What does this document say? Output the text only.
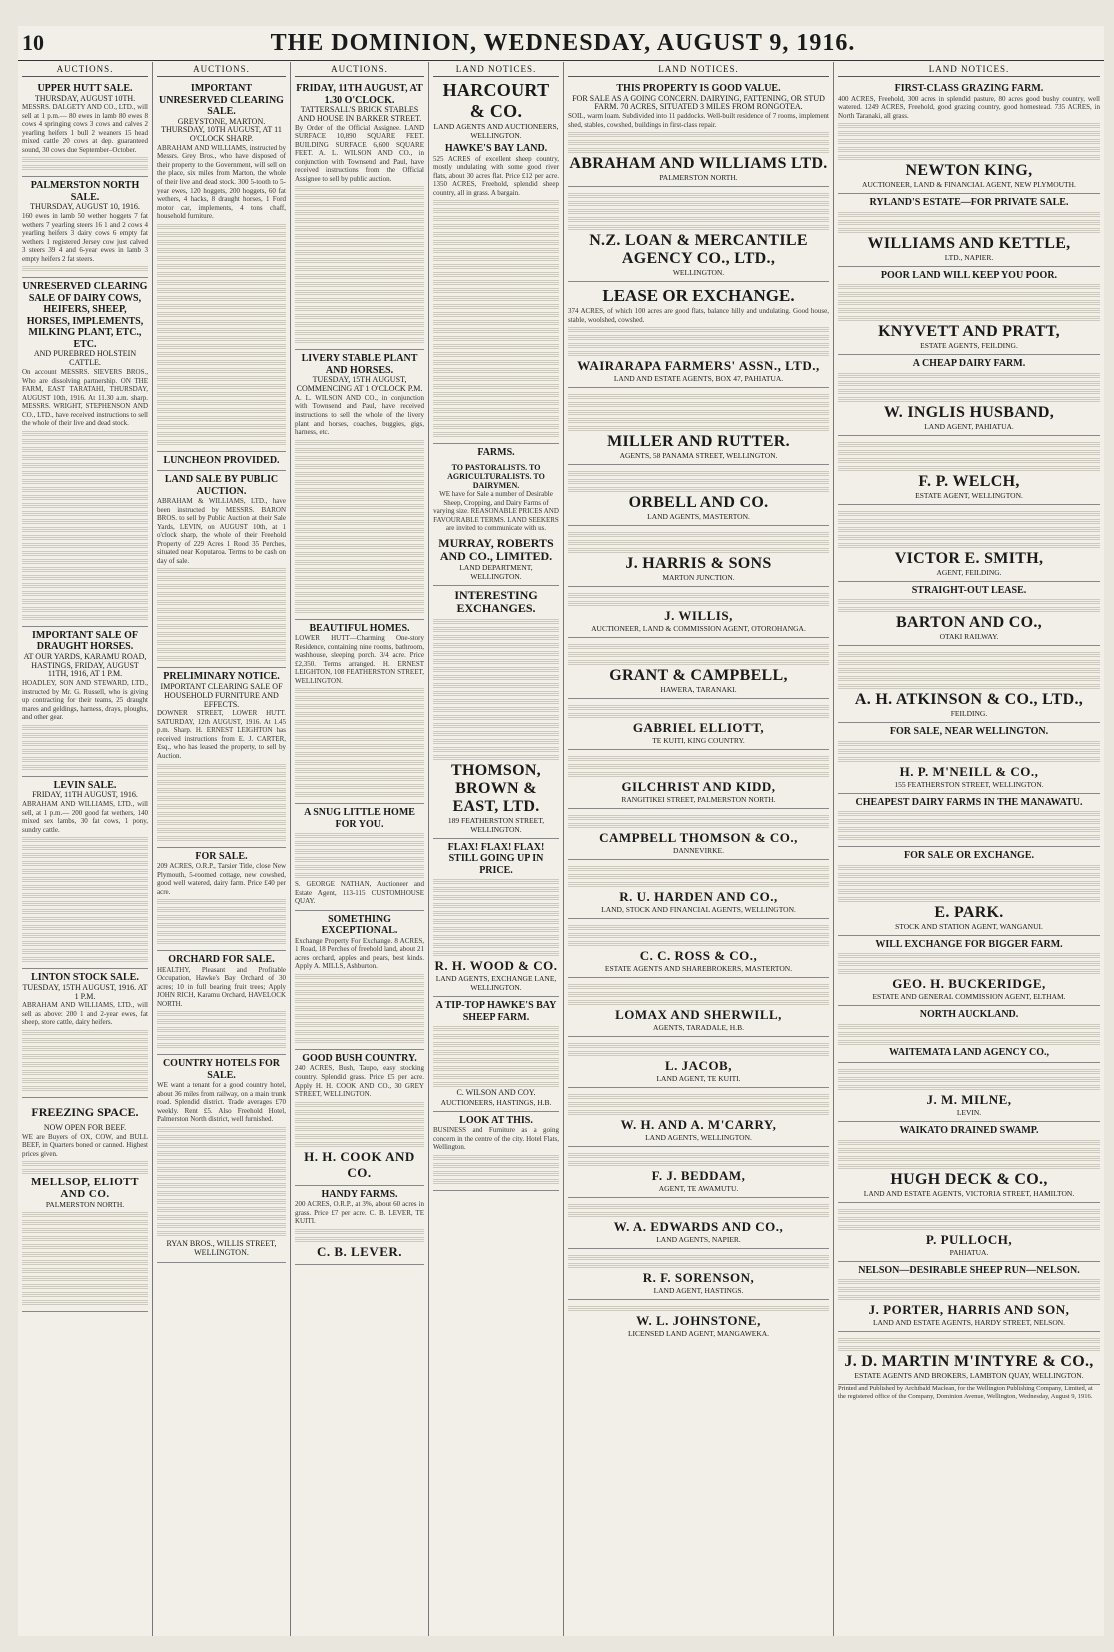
10	THE DOMINION, WEDNESDAY, AUGUST 9, 1916.
AUCTIONS.
UPPER HUTT SALE.
THURSDAY, AUGUST 10TH.
MESSRS. DALGETY AND CO., LTD., will sell at 1 p.m.— 80 ewes in lamb 80 ewes 8 cows 4 springing cows 3 cows and calves 2 yearling heifers 1 bull 2 weaners 15 head mixed cattle 20 cows at dep. guaranteed sound, 30 cows due September–October.
PALMERSTON NORTH SALE.
THURSDAY, AUGUST 10, 1916.
160 ewes in lamb 50 wether hoggets 7 fat wethers 7 yearling steers 16 1 and 2 cows 4 yearling heifers 3 dairy cows 6 empty fat wethers 1 registered Jersey cow just calved 3 steers 39 4 and 6-year ewes in lamb 3 empty heifers 2 fat steers.
UNRESERVED CLEARING SALE OF DAIRY COWS, HEIFERS, SHEEP, HORSES, IMPLEMENTS, MILKING PLANT, ETC., ETC.
AND PUREBRED HOLSTEIN CATTLE.
On account MESSRS. SIEVERS BROS., Who are dissolving partnership. ON THE FARM, EAST TARATAHI, THURSDAY, AUGUST 10th, 1916. At 11.30 a.m. sharp. MESSRS. WRIGHT, STEPHENSON AND CO., LTD., have received instructions to sell the whole of their live and dead stock.
IMPORTANT SALE OF DRAUGHT HORSES.
AT OUR YARDS, KARAMU ROAD, HASTINGS, FRIDAY, AUGUST 11TH, 1916, AT 1 P.M.
HOADLEY, SON AND STEWARD, LTD., instructed by Mr. G. Russell, who is giving up contracting for their teams, 25 draught mares and geldings, harness, drays, ploughs, and other gear.
LEVIN SALE.
FRIDAY, 11TH AUGUST, 1916.
ABRAHAM AND WILLIAMS, LTD., will sell, at 1 p.m.— 200 good fat wethers, 140 mixed sex lambs, 30 fat cows, 1 pony, sundry cattle.
LINTON STOCK SALE.
TUESDAY, 15TH AUGUST, 1916. AT 1 P.M.
ABRAHAM AND WILLIAMS, LTD., will sell as above: 200 1 and 2-year ewes, fat sheep, store cattle, dairy heifers.
FREEZING SPACE.
NOW OPEN FOR BEEF.
WE are Buyers of OX, COW, and BULL BEEF, in Quarters boned or canned. Highest prices given.
MELLSOP, ELIOTT AND CO.
PALMERSTON NORTH.
AUCTIONS.
IMPORTANT UNRESERVED CLEARING SALE.
GREYSTONE, MARTON. THURSDAY, 10TH AUGUST, AT 11 O'CLOCK SHARP.
ABRAHAM AND WILLIAMS, instructed by Messrs. Grey Bros., who have disposed of their property to the Government, will sell on the place, six miles from Marton, the whole of their live and dead stock. 300 5-tooth to 5-year ewes, 120 hoggets, 200 hoggets, 60 fat wethers, 4 hacks, 8 draught horses, 1 Ford motor car, implements, 4 tons chaff, household furniture.
LUNCHEON PROVIDED.
LAND SALE BY PUBLIC AUCTION.
ABRAHAM & WILLIAMS, LTD., have been instructed by MESSRS. BARON BROS. to sell by Public Auction at their Sale Yards, LEVIN, on AUGUST 10th, at 1 o'clock sharp, the whole of their Freehold Property of 229 Acres 1 Rood 35 Perches, situated near Koputaroa. Terms to be cash on day of sale.
PRELIMINARY NOTICE.
IMPORTANT CLEARING SALE OF HOUSEHOLD FURNITURE AND EFFECTS.
DOWNER STREET, LOWER HUTT. SATURDAY, 12th AUGUST, 1916. At 1.45 p.m. Sharp. H. ERNEST LEIGHTON has received instructions from E. J. CARTER, Esq., who has leased the property, to sell by Auction.
FOR SALE.
209 ACRES, O.R.P., Tarsier Title, close New Plymouth, 5-roomed cottage, new cowshed, good well watered, dairy farm. Price £40 per acre.
ORCHARD FOR SALE.
HEALTHY, Pleasant and Profitable Occupation, Hawke's Bay Orchard of 30 acres; 10 in full bearing fruit trees; Apply JOHN RICH, Karamu Orchard, HAVELOCK NORTH.
COUNTRY HOTELS FOR SALE.
WE want a tenant for a good country hotel, about 36 miles from railway, on a main trunk road. Splendid district. Trade averages £70 weekly. Rent £5. Also Freehold Hotel, Palmerston North district, well furnished.
RYAN BROS., WILLIS STREET, WELLINGTON.
AUCTIONS.
FRIDAY, 11TH AUGUST, AT 1.30 O'CLOCK.
TATTERSALL'S BRICK STABLES AND HOUSE IN BARKER STREET.
By Order of the Official Assignee. LAND SURFACE 10,890 SQUARE FEET. BUILDING SURFACE 6,600 SQUARE FEET. A. L. WILSON AND CO., in conjunction with Townsend and Paul, have received instructions from the Official Assignee to sell by public auction.
LIVERY STABLE PLANT AND HORSES.
TUESDAY, 15TH AUGUST, COMMENCING AT 1 O'CLOCK P.M.
A. L. WILSON AND CO., in conjunction with Townsend and Paul, have received instructions to sell the whole of the livery plant and horses, coaches, buggies, gigs, harness, etc.
BEAUTIFUL HOMES.
LOWER HUTT—Charming One-story Residence, containing nine rooms, bathroom, washhouse, sleeping porch. 3/4 acre. Price £2,350. Terms arranged. H. ERNEST LEIGHTON, 108 FEATHERSTON STREET, WELLINGTON.
A SNUG LITTLE HOME FOR YOU.
S. GEORGE NATHAN, Auctioneer and Estate Agent, 113-115 CUSTOMHOUSE QUAY.
SOMETHING EXCEPTIONAL.
Exchange Property For Exchange. 8 ACRES, 1 Road, 18 Perches of freehold land, about 21 acres orchard, apples and pears, best kinds. Apply A. MILLS, Ashburton.
GOOD BUSH COUNTRY.
240 ACRES, Bush, Taupo, easy stocking country. Splendid grass. Price £5 per acre. Apply H. H. COOK AND CO., 30 GREY STREET, WELLINGTON.
H. H. COOK AND CO.
HANDY FARMS.
200 ACRES, O.R.P., at 3%, about 60 acres in grass. Price £7 per acre. C. B. LEVER, TE KUITI.
C. B. LEVER.
LAND NOTICES.
HARCOURT & CO.
LAND AGENTS AND AUCTIONEERS, WELLINGTON.
HAWKE'S BAY LAND.
525 ACRES of excellent sheep country, mostly undulating with some good river flats, about 30 acres flat. Price £12 per acre. 1350 ACRES, Freehold, splendid sheep country, all in grass. A bargain.
FARMS.
TO PASTORALISTS. TO AGRICULTURALISTS. TO DAIRYMEN.
WE have for Sale a number of Desirable Sheep, Cropping, and Dairy Farms of varying size. REASONABLE PRICES AND FAVOURABLE TERMS. LAND SEEKERS are invited to communicate with us.
MURRAY, ROBERTS AND CO., LIMITED.
LAND DEPARTMENT, WELLINGTON.
INTERESTING EXCHANGES.
THOMSON, BROWN & EAST, LTD.
189 FEATHERSTON STREET, WELLINGTON.
FLAX! FLAX! FLAX! STILL GOING UP IN PRICE.
R. H. WOOD & CO.
LAND AGENTS, EXCHANGE LANE, WELLINGTON.
A TIP-TOP HAWKE'S BAY SHEEP FARM.
C. WILSON AND COY.
AUCTIONEERS, HASTINGS, H.B.
LOOK AT THIS.
BUSINESS and Furniture as a going concern in the centre of the city. Hotel Flats, Wellington.
LAND NOTICES.
THIS PROPERTY IS GOOD VALUE.
FOR SALE AS A GOING CONCERN. DAIRYING, FATTENING, OR STUD FARM. 70 ACRES, SITUATED 3 MILES FROM RONGOTEA.
SOIL, warm loam. Subdivided into 11 paddocks. Well-built residence of 7 rooms, implement shed, stables, cowshed, buildings in first-class repair.
ABRAHAM AND WILLIAMS LTD.
PALMERSTON NORTH.
N.Z. LOAN & MERCANTILE AGENCY CO., LTD.,
WELLINGTON.
LEASE OR EXCHANGE.
374 ACRES, of which 100 acres are good flats, balance hilly and undulating. Good house, stable, woolshed, cowshed.
WAIRARAPA FARMERS' ASSN., LTD.,
LAND AND ESTATE AGENTS, BOX 47, PAHIATUA.
MILLER AND RUTTER.
AGENTS, 58 PANAMA STREET, WELLINGTON.
ORBELL AND CO.
LAND AGENTS, MASTERTON.
J. HARRIS & SONS
MARTON JUNCTION.
J. WILLIS,
AUCTIONEER, LAND & COMMISSION AGENT, OTOROHANGA.
GRANT & CAMPBELL,
HAWERA, TARANAKI.
GABRIEL ELLIOTT,
TE KUITI, KING COUNTRY.
GILCHRIST AND KIDD,
RANGITIKEI STREET, PALMERSTON NORTH.
CAMPBELL THOMSON & CO.,
DANNEVIRKE.
R. U. HARDEN AND CO.,
LAND, STOCK AND FINANCIAL AGENTS, WELLINGTON.
C. C. ROSS & CO.,
ESTATE AGENTS AND SHAREBROKERS, MASTERTON.
LOMAX AND SHERWILL,
AGENTS, TARADALE, H.B.
L. JACOB,
LAND AGENT, TE KUITI.
W. H. AND A. M'CARRY,
LAND AGENTS, WELLINGTON.
F. J. BEDDAM,
AGENT, TE AWAMUTU.
W. A. EDWARDS AND CO.,
LAND AGENTS, NAPIER.
R. F. SORENSON,
LAND AGENT, HASTINGS.
W. L. JOHNSTONE,
LICENSED LAND AGENT, MANGAWEKA.
LAND NOTICES.
FIRST-CLASS GRAZING FARM.
400 ACRES, Freehold, 300 acres in splendid pasture, 80 acres good bushy country, well watered. 1249 ACRES, Freehold, good grazing country, good homestead. 735 ACRES, in North Taranaki, all grass.
NEWTON KING,
AUCTIONEER, LAND & FINANCIAL AGENT, NEW PLYMOUTH.
RYLAND'S ESTATE—FOR PRIVATE SALE.
WILLIAMS AND KETTLE,
LTD., NAPIER.
POOR LAND WILL KEEP YOU POOR.
KNYVETT AND PRATT,
ESTATE AGENTS, FEILDING.
A CHEAP DAIRY FARM.
W. INGLIS HUSBAND,
LAND AGENT, PAHIATUA.
F. P. WELCH,
ESTATE AGENT, WELLINGTON.
VICTOR E. SMITH,
AGENT, FEILDING.
STRAIGHT-OUT LEASE.
BARTON AND CO.,
OTAKI RAILWAY.
A. H. ATKINSON & CO., LTD.,
FEILDING.
FOR SALE, NEAR WELLINGTON.
H. P. M'NEILL & CO.,
155 FEATHERSTON STREET, WELLINGTON.
CHEAPEST DAIRY FARMS IN THE MANAWATU.
FOR SALE OR EXCHANGE.
E. PARK.
STOCK AND STATION AGENT, WANGANUI.
WILL EXCHANGE FOR BIGGER FARM.
GEO. H. BUCKERIDGE,
ESTATE AND GENERAL COMMISSION AGENT, ELTHAM.
NORTH AUCKLAND.
WAITEMATA LAND AGENCY CO.,
J. M. MILNE,
LEVIN.
WAIKATO DRAINED SWAMP.
HUGH DECK & CO.,
LAND AND ESTATE AGENTS, VICTORIA STREET, HAMILTON.
P. PULLOCH,
PAHIATUA.
NELSON—DESIRABLE SHEEP RUN—NELSON.
J. PORTER, HARRIS AND SON,
LAND AND ESTATE AGENTS, HARDY STREET, NELSON.
J. D. MARTIN M'INTYRE & CO.,
ESTATE AGENTS AND BROKERS, LAMBTON QUAY, WELLINGTON.
Printed and Published by Archibald Maclean, for the Wellington Publishing Company, Limited, at the registered office of the Company, Dominion Avenue, Wellington, Wednesday, August 9, 1916.
